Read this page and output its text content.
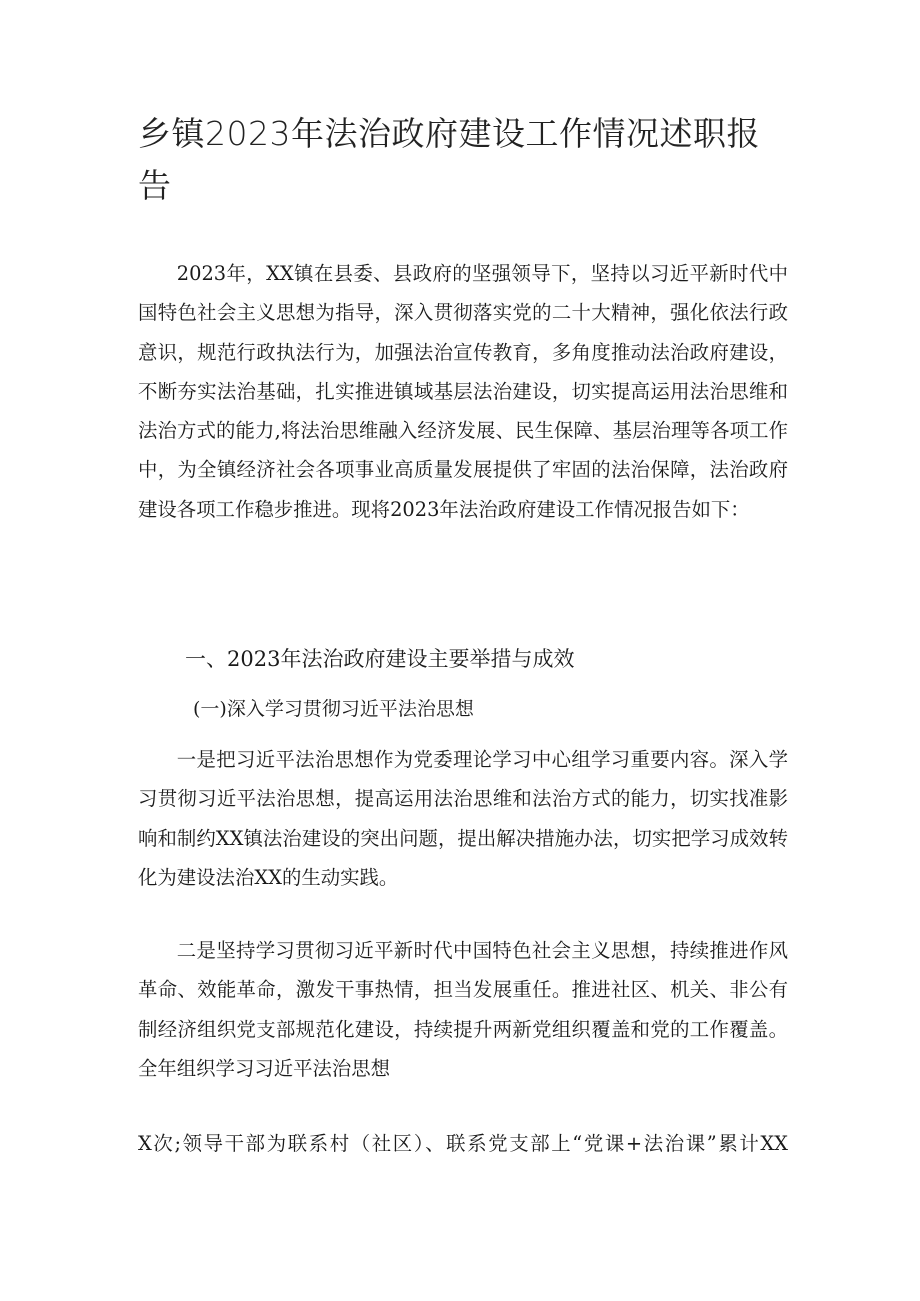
乡镇2023年法治政府建设工作情况述职报告
2023年，XX镇在县委、县政府的坚强领导下，坚持以习近平新时代中国特色社会主义思想为指导，深入贯彻落实党的二十大精神，强化依法行政意识，规范行政执法行为，加强法治宣传教育，多角度推动法治政府建设，不断夯实法治基础，扎实推进镇域基层法治建设，切实提高运用法治思维和法治方式的能力,将法治思维融入经济发展、民生保障、基层治理等各项工作中，为全镇经济社会各项事业高质量发展提供了牢固的法治保障，法治政府建设各项工作稳步推进。现将2023年法治政府建设工作情况报告如下：
一、2023年法治政府建设主要举措与成效
(一)深入学习贯彻习近平法治思想
一是把习近平法治思想作为党委理论学习中心组学习重要内容。深入学习贯彻习近平法治思想，提高运用法治思维和法治方式的能力，切实找准影响和制约XX镇法治建设的突出问题，提出解决措施办法，切实把学习成效转化为建设法治XX的生动实践。
二是坚持学习贯彻习近平新时代中国特色社会主义思想，持续推进作风革命、效能革命，激发干事热情，担当发展重任。推进社区、机关、非公有制经济组织党支部规范化建设，持续提升两新党组织覆盖和党的工作覆盖。全年组织学习习近平法治思想
X次;领导干部为联系村（社区）、联系党支部上“党课+法治课”累计XX
